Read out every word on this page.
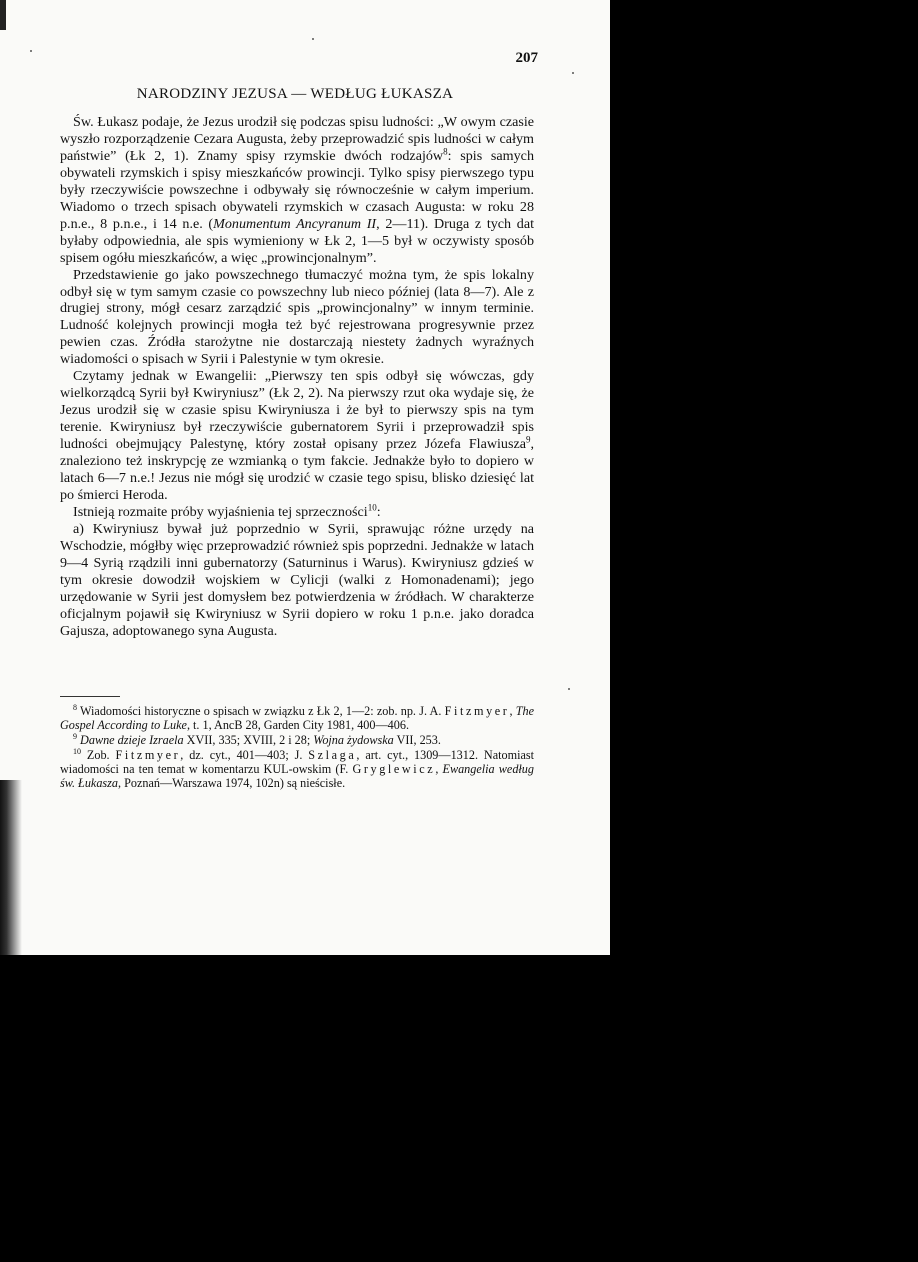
207
NARODZINY JEZUSA — WEDŁUG ŁUKASZA

Św. Łukasz podaje, że Jezus urodził się podczas spisu ludności: „W owym czasie wyszło rozporządzenie Cezara Augusta, żeby przeprowadzić spis ludności w całym państwie” (Łk 2, 1). Znamy spisy rzymskie dwóch rodzajów$^8$: spis samych obywateli rzymskich i spisy mieszkańców prowincji. Tylko spisy pierwszego typu były rzeczywiście powszechne i odbywały się równocześnie w całym imperium. Wiadomo o trzech spisach obywateli rzymskich w czasach Augusta: w roku 28 p.n.e., 8 p.n.e., i 14 n.e. (Monumentum Ancyranum II, 2—11). Druga z tych dat byłaby odpowiednia, ale spis wymieniony w Łk 2, 1—5 był w oczywisty sposób spisem ogółu mieszkańców, a więc „prowincjonalnym”.

Przedstawienie go jako powszechnego tłumaczyć można tym, że spis lokalny odbył się w tym samym czasie co powszechny lub nieco później (lata 8—7). Ale z drugiej strony, mógł cesarz zarządzić spis „prowincjonalny” w innym terminie. Ludność kolejnych prowincji mogła też być rejestrowana progresywnie przez pewien czas. Źródła starożytne nie dostarczają niestety żadnych wyraźnych wiadomości o spisach w Syrii i Palestynie w tym okresie.

Czytamy jednak w Ewangelii: „Pierwszy ten spis odbył się wówczas, gdy wielkorządcą Syrii był Kwiryniusz” (Łk 2, 2). Na pierwszy rzut oka wydaje się, że Jezus urodził się w czasie spisu Kwiryniusza i że był to pierwszy spis na tym terenie. Kwiryniusz był rzeczywiście gubernatorem Syrii i przeprowadził spis ludności obejmujący Palestynę, który został opisany przez Józefa Flawiusza$^9$, znaleziono też inskrypcję ze wzmianką o tym fakcie. Jednakże było to dopiero w latach 6—7 n.e.! Jezus nie mógł się urodzić w czasie tego spisu, blisko dziesięć lat po śmierci Heroda.

Istnieją rozmaite próby wyjaśnienia tej sprzeczności$^{10}$:

a) Kwiryniusz bywał już poprzednio w Syrii, sprawując różne urzędy na Wschodzie, mógłby więc przeprowadzić również spis poprzedni. Jednakże w latach 9—4 Syrią rządzili inni gubernatorzy (Saturninus i Warus). Kwiryniusz gdzieś w tym okresie dowodził wojskiem w Cylicji (walki z Homonadenami); jego urzędowanie w Syrii jest domysłem bez potwierdzenia w źródłach. W charakterze oficjalnym pojawił się Kwiryniusz w Syrii dopiero w roku 1 p.n.e. jako doradca Gajusza, adoptowanego syna Augusta.

$^8$ Wiadomości historyczne o spisach w związku z Łk 2, 1—2: zob. np. J. A. Fitzmyer, The Gospel According to Luke, t. 1, AncB 28, Garden City 1981, 400—406.

$^9$ Dawne dzieje Izraela XVII, 335; XVIII, 2 i 28; Wojna żydowska VII, 253.

$^{10}$ Zob. Fitzmyer, dz. cyt., 401—403; J. Szlaga, art. cyt., 1309—1312. Natomiast wiadomości na ten temat w komentarzu KUL-owskim (F. Gryglewicz, Ewangelia według św. Łukasza, Poznań—Warszawa 1974, 102n) są nieścisłe.
